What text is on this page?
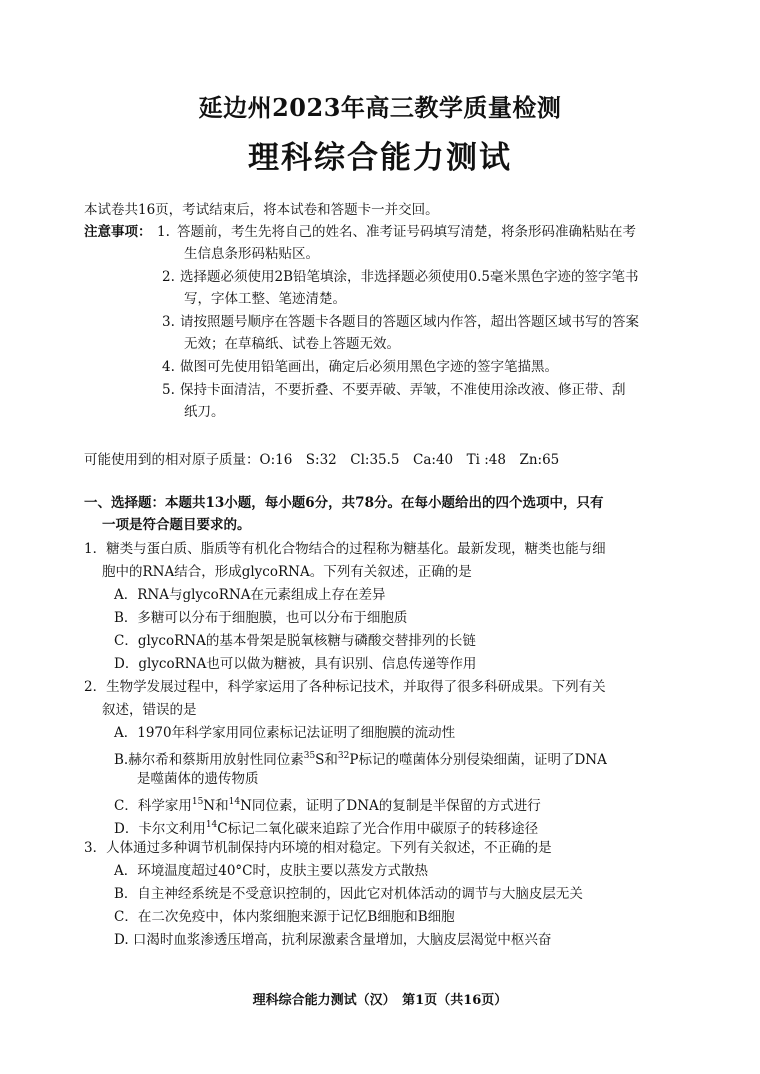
延边州2023年高三教学质量检测
理科综合能力测试
本试卷共16页，考试结束后，将本试卷和答题卡一并交回。
注意事项： 1. 答题前，考生先将自己的姓名、准考证号码填写清楚，将条形码准确粘贴在考
生信息条形码粘贴区。
2. 选择题必须使用2B铅笔填涂，非选择题必须使用0.5毫米黑色字迹的签字笔书
写，字体工整、笔迹清楚。
3. 请按照题号顺序在答题卡各题目的答题区域内作答，超出答题区域书写的答案
无效；在草稿纸、试卷上答题无效。
4. 做图可先使用铅笔画出，确定后必须用黑色字迹的签字笔描黑。
5. 保持卡面清洁，不要折叠、不要弄破、弄皱，不准使用涂改液、修正带、刮
纸刀。
可能使用到的相对原子质量：O:16　S:32　Cl:35.5　Ca:40　Ti :48　Zn:65
一、选择题：本题共13小题，每小题6分，共78分。在每小题给出的四个选项中，只有
一项是符合题目要求的。
1．糖类与蛋白质、脂质等有机化合物结合的过程称为糖基化。最新发现，糖类也能与细
胞中的RNA结合，形成glycoRNA。下列有关叙述，正确的是
A．RNA与glycoRNA在元素组成上存在差异
B．多糖可以分布于细胞膜，也可以分布于细胞质
C．glycoRNA的基本骨架是脱氧核糖与磷酸交替排列的长链
D．glycoRNA也可以做为糖被，具有识别、信息传递等作用
2．生物学发展过程中，科学家运用了各种标记技术，并取得了很多科研成果。下列有关
叙述，错误的是
A．1970年科学家用同位素标记法证明了细胞膜的流动性
B.赫尔希和蔡斯用放射性同位素$^{35}$S和$^{32}$P标记的噬菌体分别侵染细菌，证明了DNA
是噬菌体的遗传物质
C．科学家用$^{15}$N和$^{14}$N同位素，证明了DNA的复制是半保留的方式进行
D．卡尔文利用$^{14}$C标记二氧化碳来追踪了光合作用中碳原子的转移途径
3．人体通过多种调节机制保持内环境的相对稳定。下列有关叙述，不正确的是
A．环境温度超过40°C时，皮肤主要以蒸发方式散热
B．自主神经系统是不受意识控制的，因此它对机体活动的调节与大脑皮层无关
C．在二次免疫中，体内浆细胞来源于记忆B细胞和B细胞
D. 口渴时血浆渗透压增高，抗利尿激素含量增加，大脑皮层渴觉中枢兴奋
理科综合能力测试（汉）　第1页（共16页）
